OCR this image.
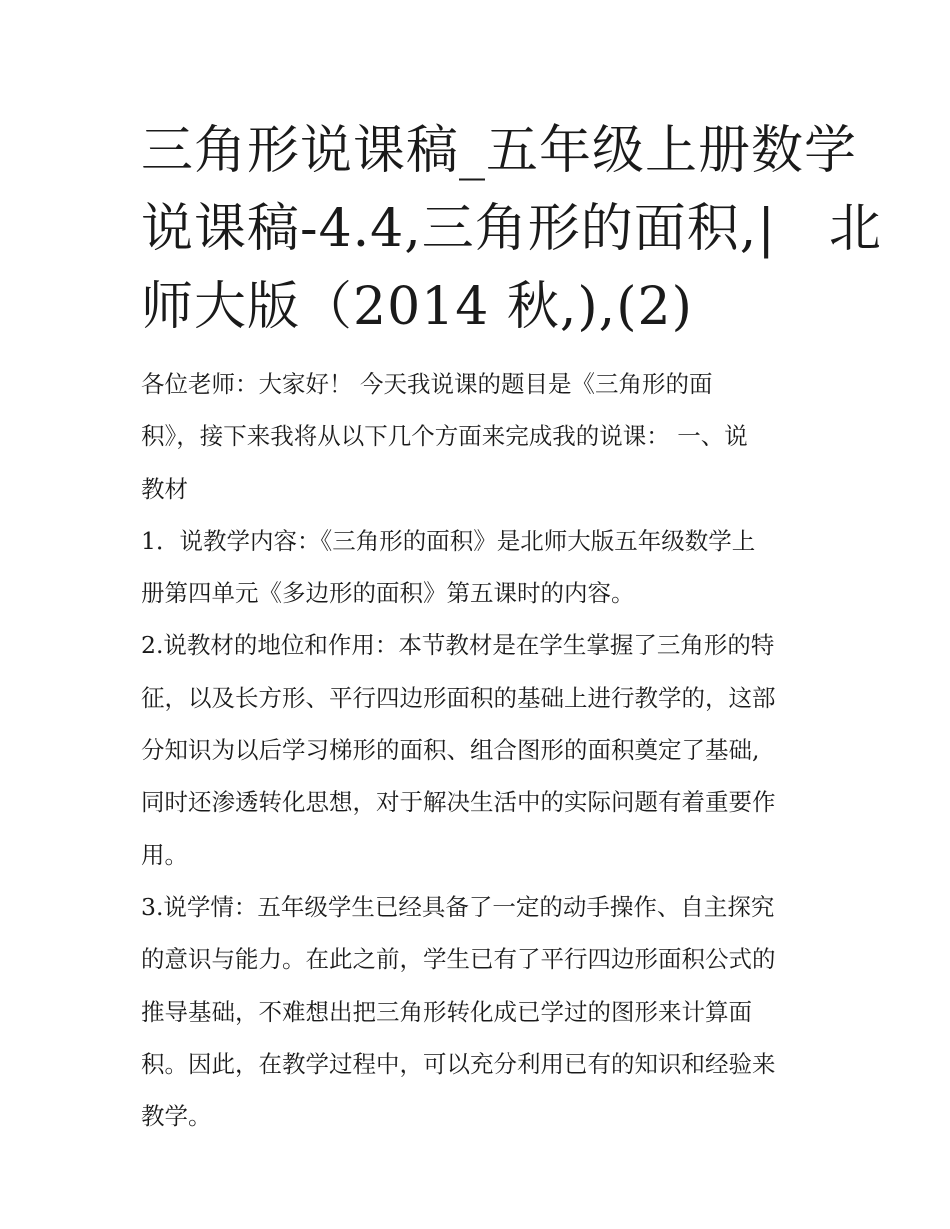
三角形说课稿_五年级上册数学
说课稿-4.4,三角形的面积,|　北
师大版（2014 秋,),(2)
各位老师：大家好！ 今天我说课的题目是《三角形的面
积》，接下来我将从以下几个方面来完成我的说课： 一、说
教材
1．说教学内容：《三角形的面积》是北师大版五年级数学上
册第四单元《多边形的面积》第五课时的内容。
2.说教材的地位和作用：本节教材是在学生掌握了三角形的特
征，以及长方形、平行四边形面积的基础上进行教学的，这部
分知识为以后学习梯形的面积、组合图形的面积奠定了基础,
同时还渗透转化思想，对于解决生活中的实际问题有着重要作
用。
3.说学情：五年级学生已经具备了一定的动手操作、自主探究
的意识与能力。在此之前，学生已有了平行四边形面积公式的
推导基础，不难想出把三角形转化成已学过的图形来计算面
积。因此，在教学过程中，可以充分利用已有的知识和经验来
教学。
